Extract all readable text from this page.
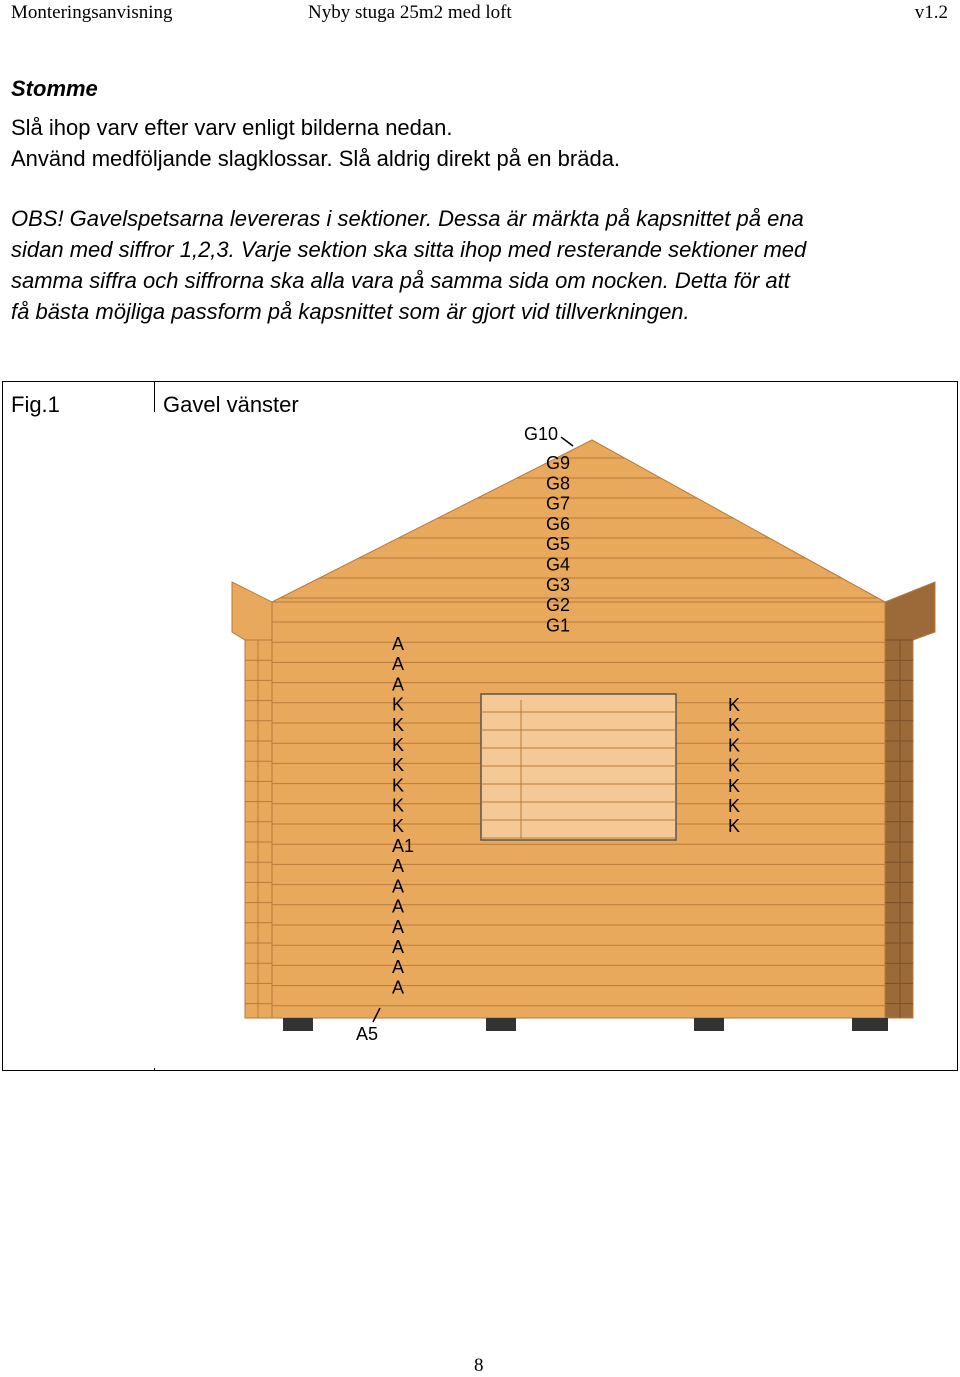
Monteringsanvisning	Nyby stuga 25m2 med loft	v1.2
Stomme
Slå ihop varv efter varv enligt bilderna nedan.
Använd medföljande slagklossar. Slå aldrig direkt på en bräda.

OBS! Gavelspetsarna levereras i sektioner. Dessa är märkta på kapsnittet på ena

sidan med siffror 1,2,3. Varje sektion ska sitta ihop med resterande sektioner med

samma siffra och siffrorna ska alla vara på samma sida om nocken. Detta för att

få bästa möjliga passform på kapsnittet som är gjort vid tillverkningen.

Fig.1	Gavel vänster
G10
G9
G8
G7
G6
G5
G4
G3
G2
G1
A
A
A
K
K
K
K
K
K
K
A1
A
A
A
A
A
A
A
A5
K
K
K
K
K
K
K
8
